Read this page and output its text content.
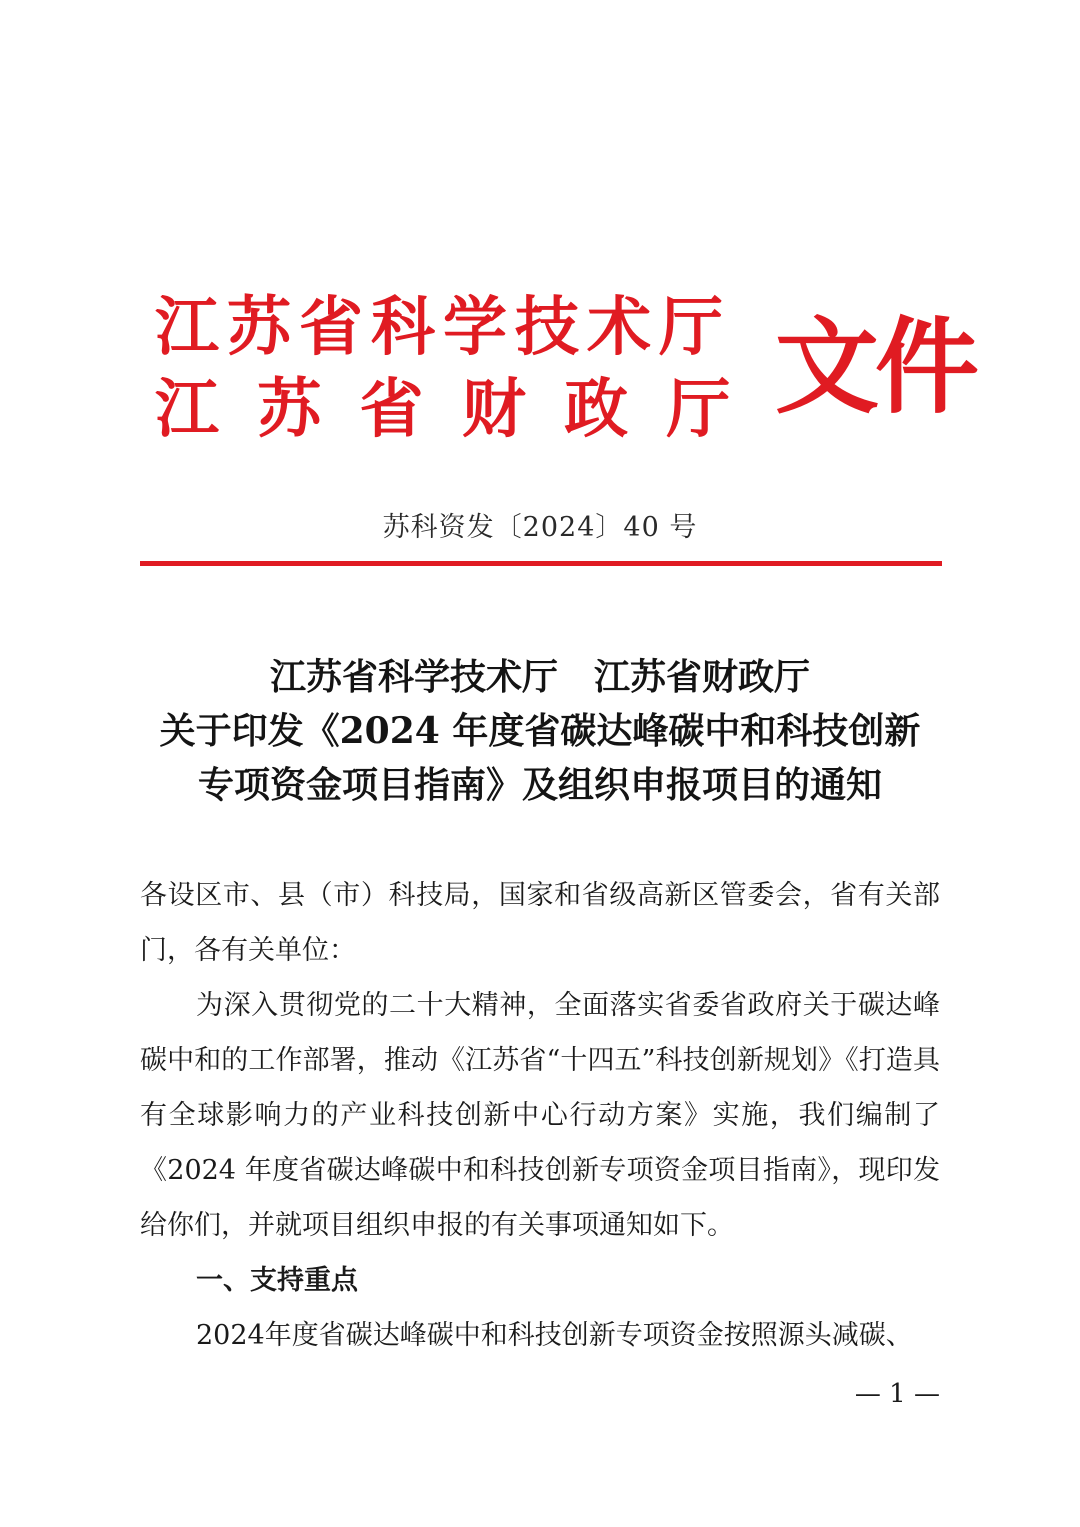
江苏省科学技术厅
江 苏 省 财 政 厅 文件
苏科资发〔2024〕40 号
江苏省科学技术厅　江苏省财政厅
关于印发《2024 年度省碳达峰碳中和科技创新
专项资金项目指南》及组织申报项目的通知

各设区市、县（市）科技局，国家和省级高新区管委会，省有关部门，各有关单位：

为深入贯彻党的二十大精神，全面落实省委省政府关于碳达峰碳中和的工作部署，推动《江苏省“十四五”科技创新规划》《打造具有全球影响力的产业科技创新中心行动方案》实施，我们编制了《2024 年度省碳达峰碳中和科技创新专项资金项目指南》，现印发给你们，并就项目组织申报的有关事项通知如下。

一、支持重点

2024年度省碳达峰碳中和科技创新专项资金按照源头减碳、

— 1 —
